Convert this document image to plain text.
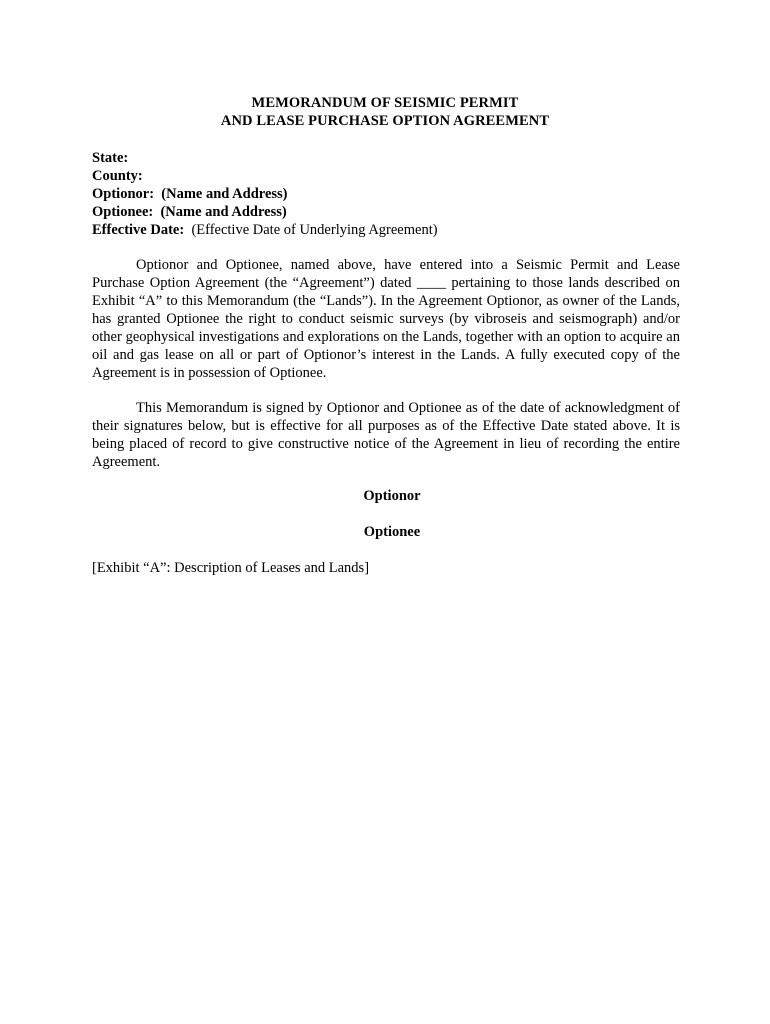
MEMORANDUM OF SEISMIC PERMIT
AND LEASE PURCHASE OPTION AGREEMENT
State:
County:
Optionor: (Name and Address)
Optionee: (Name and Address)
Effective Date: (Effective Date of Underlying Agreement)
Optionor and Optionee, named above, have entered into a Seismic Permit and Lease Purchase Option Agreement (the “Agreement”) dated ____ pertaining to those lands described on Exhibit “A” to this Memorandum (the “Lands”). In the Agreement Optionor, as owner of the Lands, has granted Optionee the right to conduct seismic surveys (by vibroseis and seismograph) and/or other geophysical investigations and explorations on the Lands, together with an option to acquire an oil and gas lease on all or part of Optionor’s interest in the Lands. A fully executed copy of the Agreement is in possession of Optionee.
This Memorandum is signed by Optionor and Optionee as of the date of acknowledgment of their signatures below, but is effective for all purposes as of the Effective Date stated above. It is being placed of record to give constructive notice of the Agreement in lieu of recording the entire Agreement.
Optionor
Optionee
[Exhibit “A”: Description of Leases and Lands]
